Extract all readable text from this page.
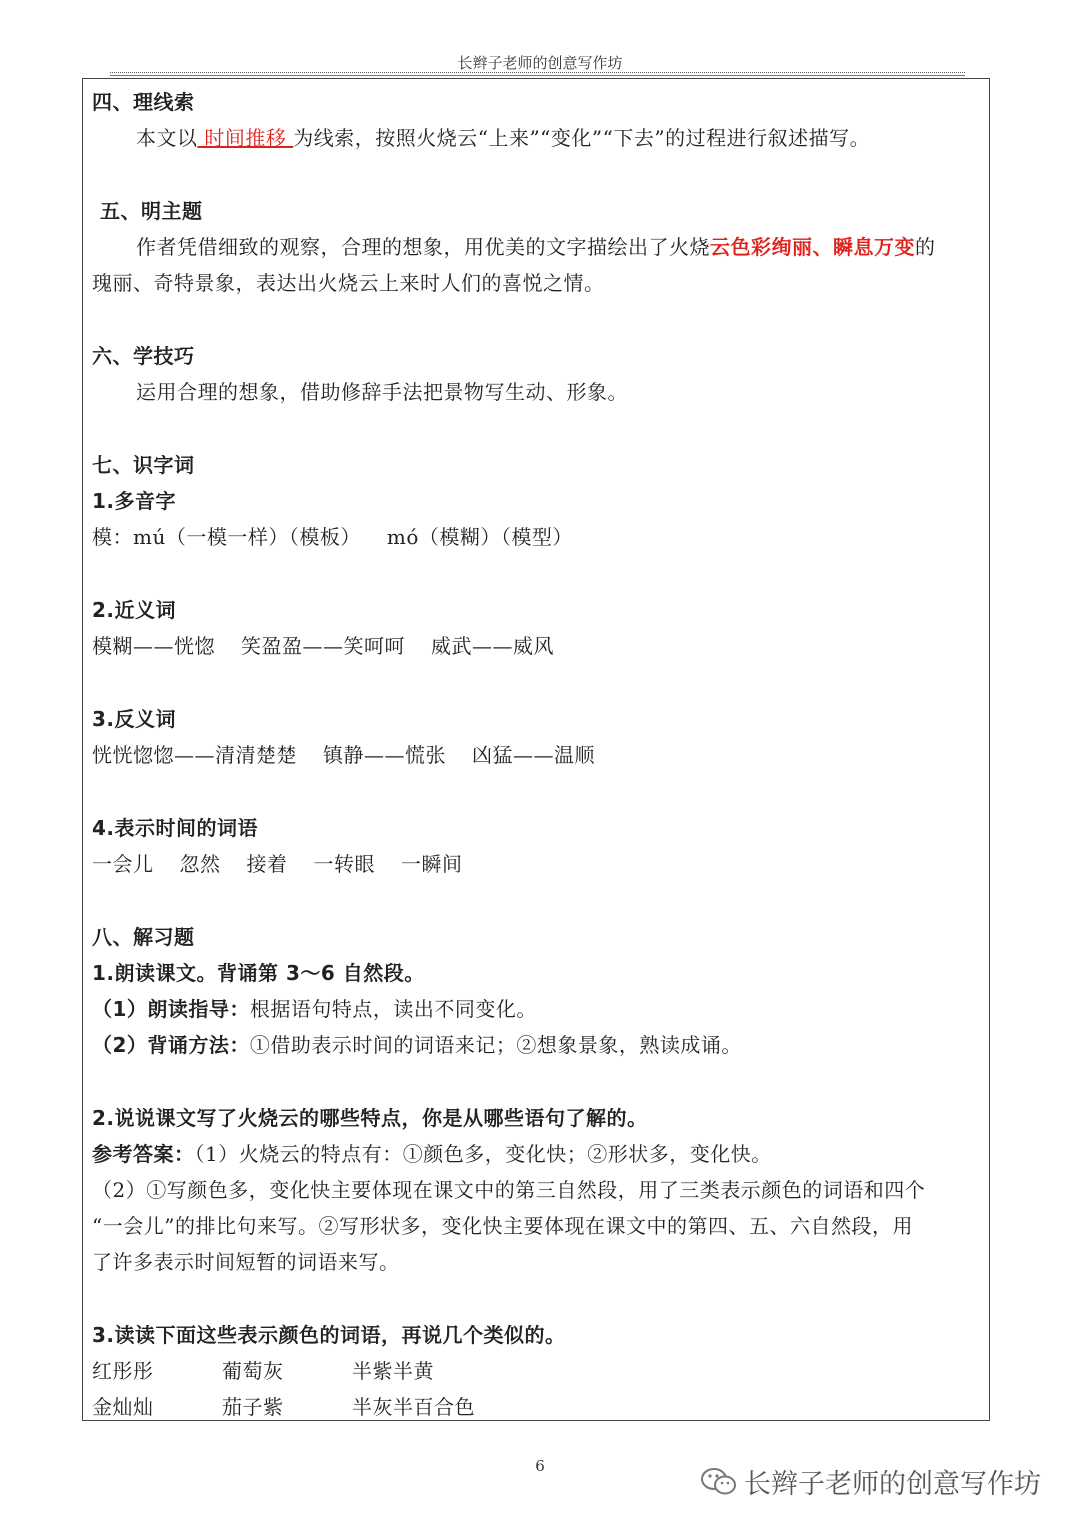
长辫子老师的创意写作坊
四、理线索
本文以 时间推移 为线索，按照火烧云“上来”“变化”“下去”的过程进行叙述描写。
五、明主题
作者凭借细致的观察，合理的想象，用优美的文字描绘出了火烧云色彩绚丽、瞬息万变的
瑰丽、奇特景象，表达出火烧云上来时人们的喜悦之情。
六、学技巧
运用合理的想象，借助修辞手法把景物写生动、形象。
七、识字词
1.多音字
模：mú（一模一样）（模板） mó（模糊）（模型）
2.近义词
模糊——恍惚 笑盈盈——笑呵呵 威武——威风
3.反义词
恍恍惚惚——清清楚楚 镇静——慌张 凶猛——温顺
4.表示时间的词语
一会儿 忽然 接着 一转眼 一瞬间
八、解习题
1.朗读课文。背诵第 3～6 自然段。
（1）朗读指导：根据语句特点，读出不同变化。
（2）背诵方法：①借助表示时间的词语来记；②想象景象，熟读成诵。
2.说说课文写了火烧云的哪些特点，你是从哪些语句了解的。
参考答案：（1）火烧云的特点有：①颜色多，变化快；②形状多，变化快。
（2）①写颜色多，变化快主要体现在课文中的第三自然段，用了三类表示颜色的词语和四个
“一会儿”的排比句来写。②写形状多，变化快主要体现在课文中的第四、五、六自然段，用
了许多表示时间短暂的词语来写。
3.读读下面这些表示颜色的词语，再说几个类似的。
红彤彤	葡萄灰	半紫半黄
金灿灿	茄子紫	半灰半百合色
6
长辫子老师的创意写作坊
